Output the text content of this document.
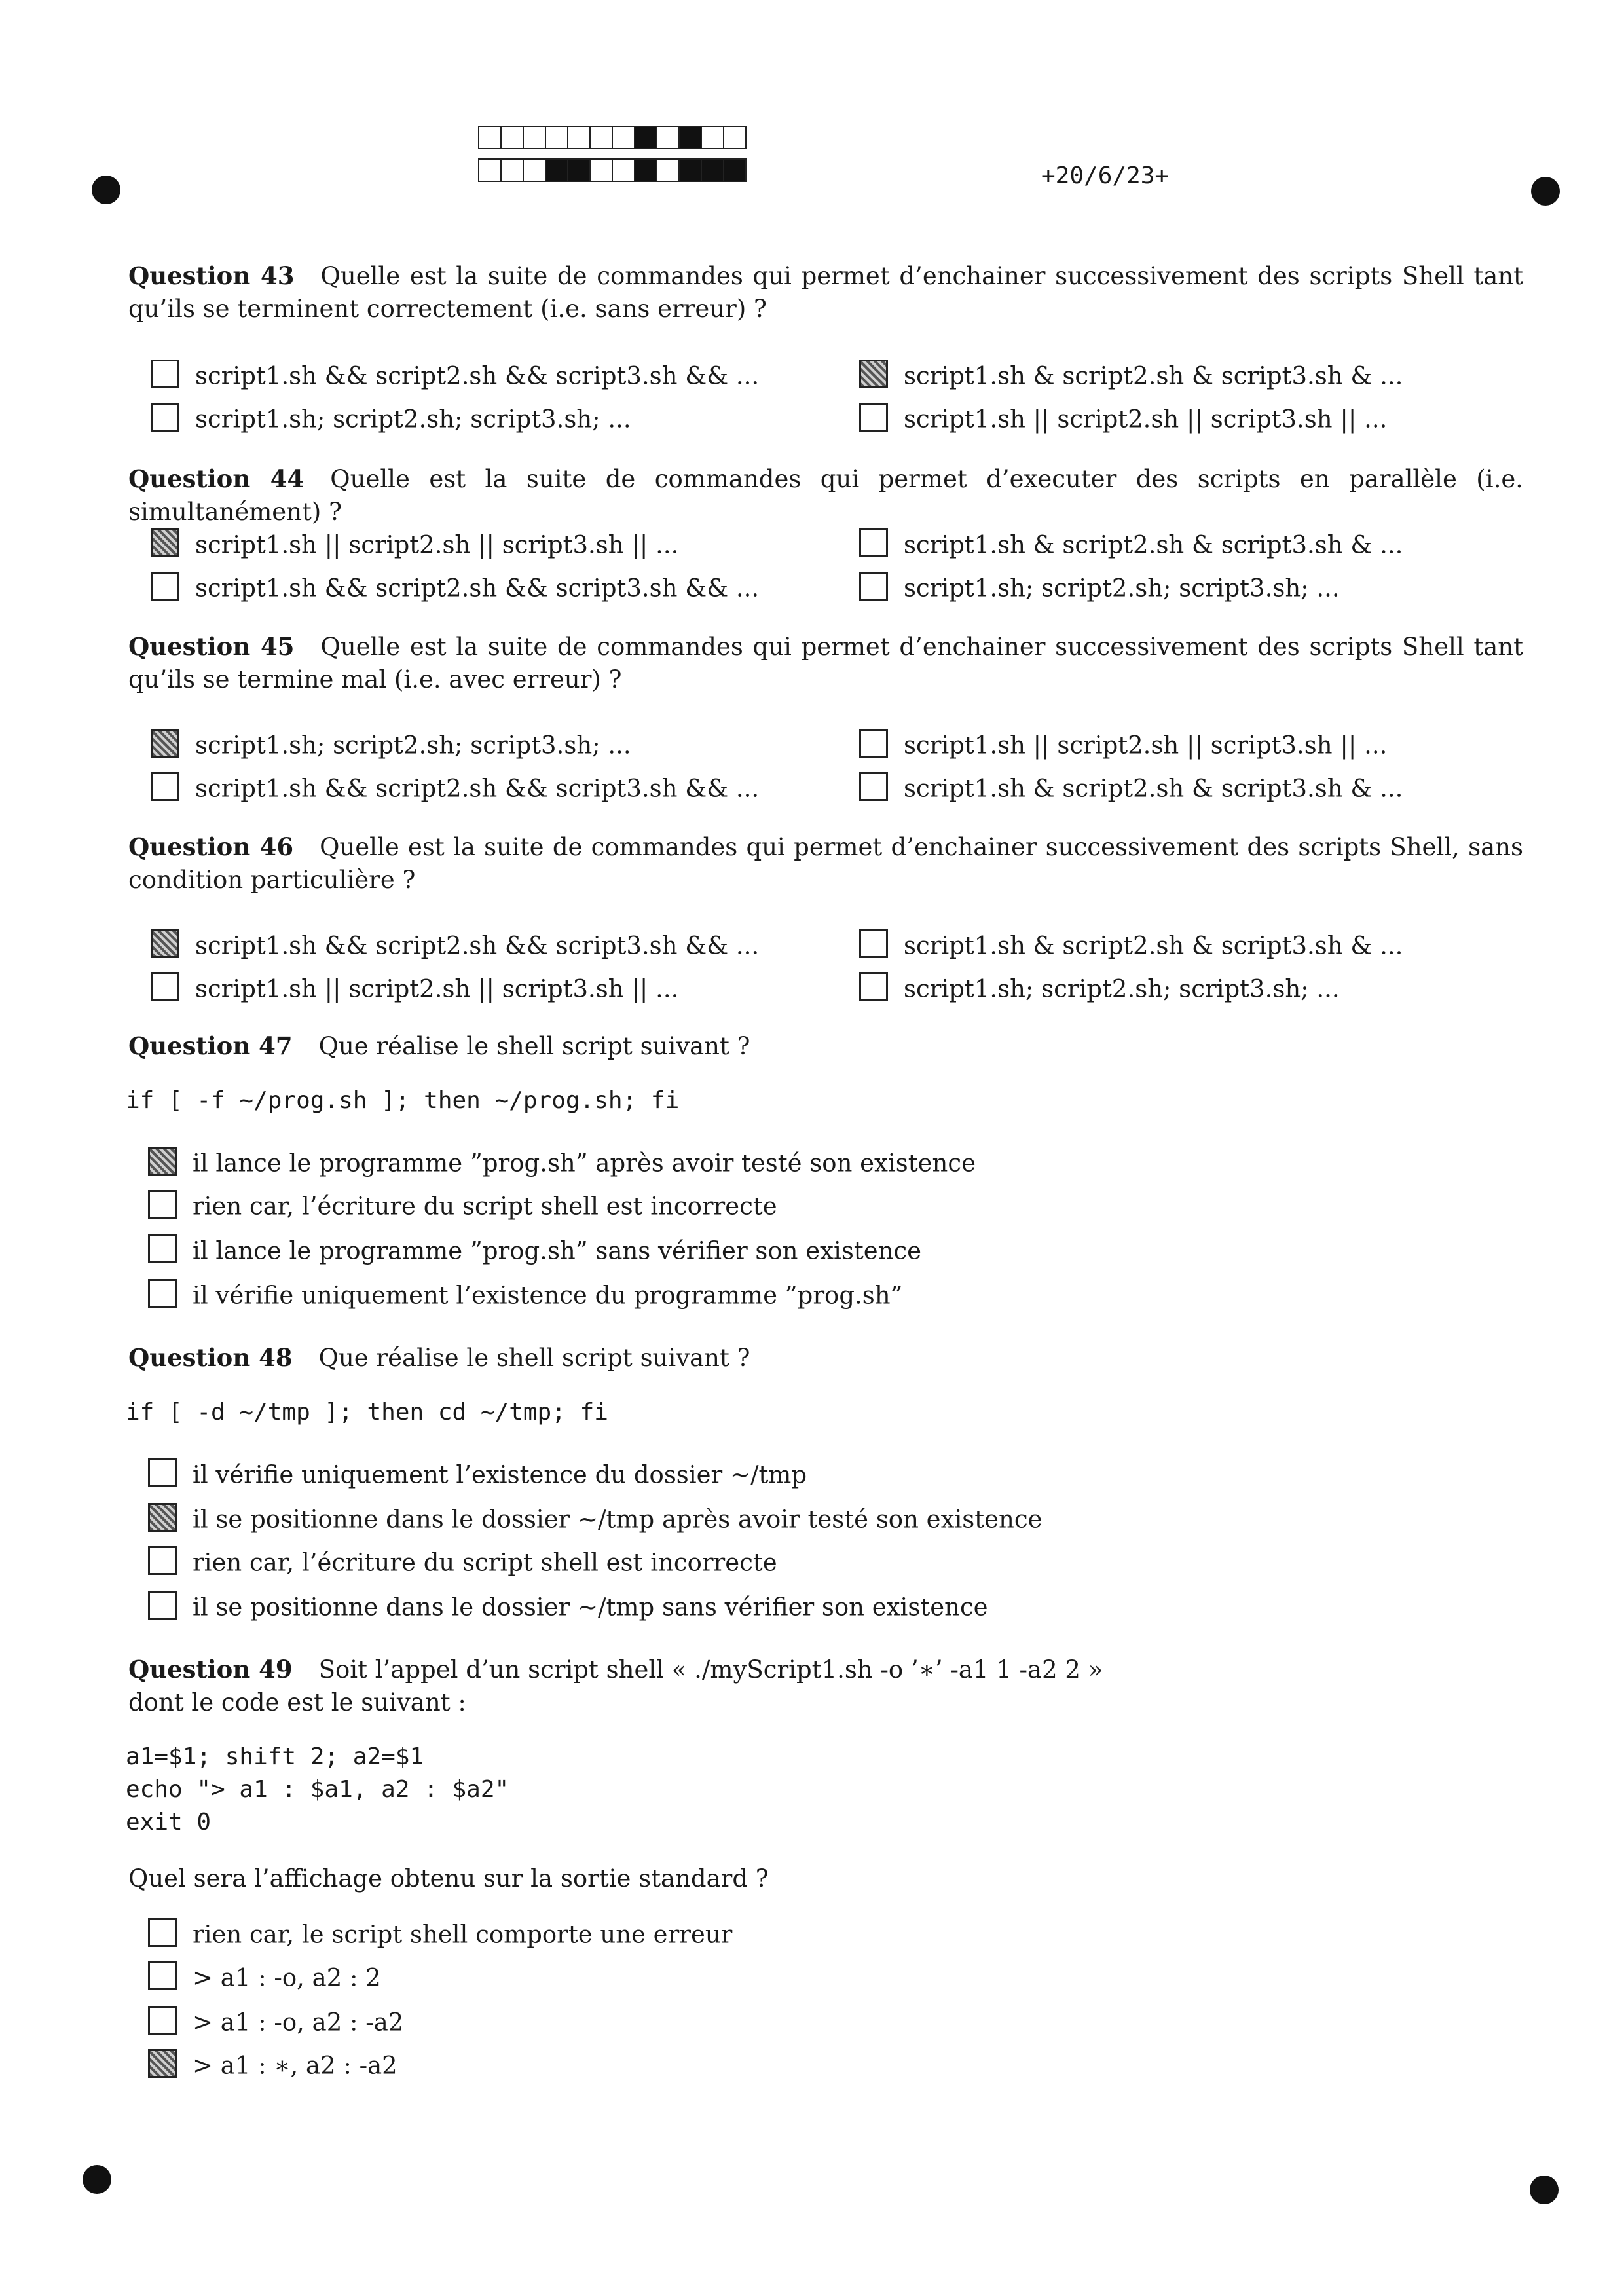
+20/6/23+
Question 43 Quelle est la suite de commandes qui permet d’enchainer successivement des scripts Shell tant qu’ils se terminent correctement (i.e. sans erreur) ?
script1.sh && script2.sh && script3.sh && ...	script1.sh & script2.sh & script3.sh & ...
script1.sh; script2.sh; script3.sh; ...	script1.sh || script2.sh || script3.sh || ...
Question 44 Quelle est la suite de commandes qui permet d’executer des scripts en parallèle (i.e. simultanément) ?
script1.sh || script2.sh || script3.sh || ...	script1.sh & script2.sh & script3.sh & ...
script1.sh && script2.sh && script3.sh && ...	script1.sh; script2.sh; script3.sh; ...
Question 45 Quelle est la suite de commandes qui permet d’enchainer successivement des scripts Shell tant qu’ils se termine mal (i.e. avec erreur) ?
script1.sh; script2.sh; script3.sh; ...	script1.sh || script2.sh || script3.sh || ...
script1.sh && script2.sh && script3.sh && ...	script1.sh & script2.sh & script3.sh & ...
Question 46 Quelle est la suite de commandes qui permet d’enchainer successivement des scripts Shell, sans condition particulière ?
script1.sh && script2.sh && script3.sh && ...	script1.sh & script2.sh & script3.sh & ...
script1.sh || script2.sh || script3.sh || ...	script1.sh; script2.sh; script3.sh; ...
Question 47 Que réalise le shell script suivant ?
if [ -f ~/prog.sh ]; then ~/prog.sh; fi
il lance le programme ”prog.sh” après avoir testé son existence
rien car, l’écriture du script shell est incorrecte
il lance le programme ”prog.sh” sans vérifier son existence
il vérifie uniquement l’existence du programme ”prog.sh”
Question 48 Que réalise le shell script suivant ?
if [ -d ~/tmp ]; then cd ~/tmp; fi
il vérifie uniquement l’existence du dossier ∼/tmp
il se positionne dans le dossier ∼/tmp après avoir testé son existence
rien car, l’écriture du script shell est incorrecte
il se positionne dans le dossier ∼/tmp sans vérifier son existence
Question 49 Soit l’appel d’un script shell « ./myScript1.sh -o ’∗’ -a1 1 -a2 2 »
dont le code est le suivant :
a1=$1; shift 2; a2=$1
echo "> a1 : $a1, a2 : $a2"
exit 0
Quel sera l’affichage obtenu sur la sortie standard ?
rien car, le script shell comporte une erreur
> a1 : -o, a2 : 2
> a1 : -o, a2 : -a2
> a1 : ∗, a2 : -a2
